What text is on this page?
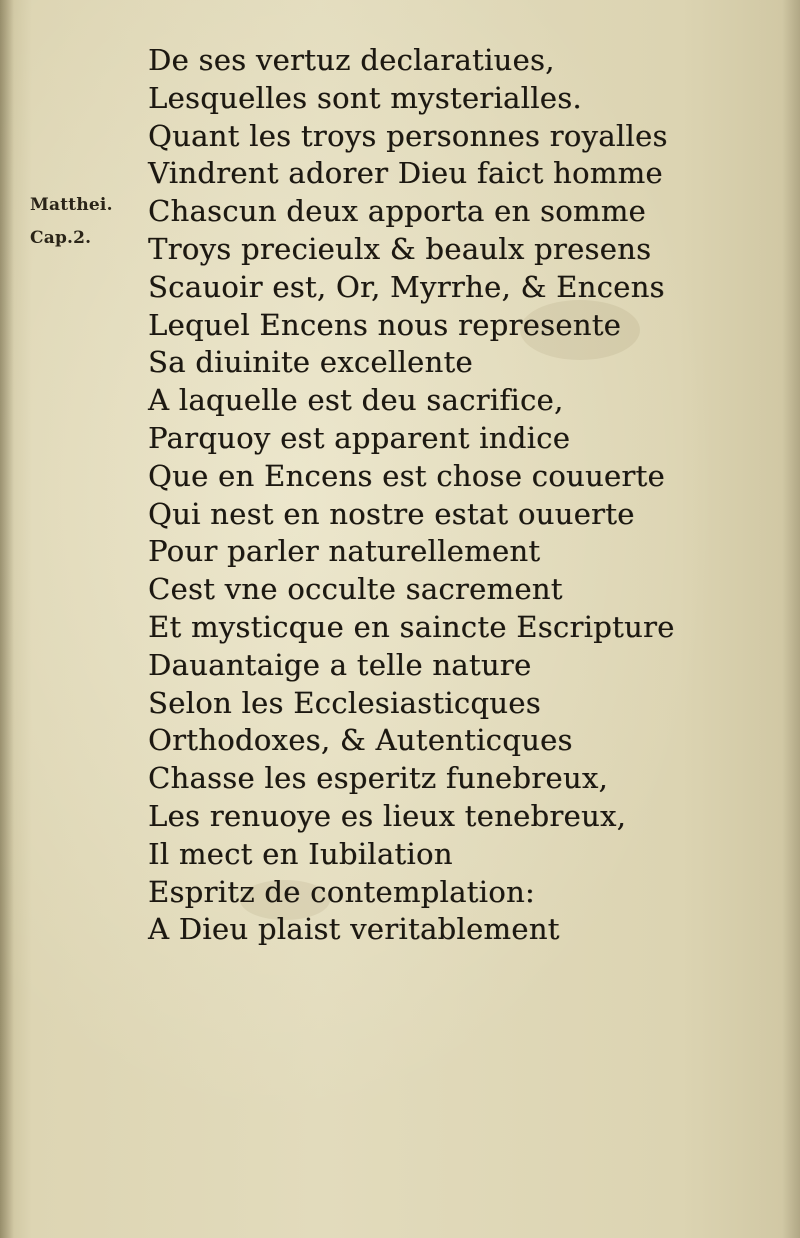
Matthei.
Cap.2.
De ses vertuz declaratiues,
Lesquelles sont mysterialles.
Quant les troys personnes royalles
Vindrent adorer Dieu faict homme
Chascun deux apporta en somme
Troys precieulx & beaulx presens
Scauoir est, Or, Myrrhe, & Encens
Lequel Encens nous represente
Sa diuinite excellente
A laquelle est deu sacrifice,
Parquoy est apparent indice
Que en Encens est chose couuerte
Qui nest en nostre estat ouuerte
Pour parler naturellement
Cest vne occulte sacrement
Et mysticque en saincte Escripture
Dauantaige a telle nature
Selon les Ecclesiasticques
Orthodoxes, & Autenticques
Chasse les esperitz funebreux,
Les renuoye es lieux tenebreux,
Il mect en Iubilation
Espritz de contemplation:
A Dieu plaist veritablement
